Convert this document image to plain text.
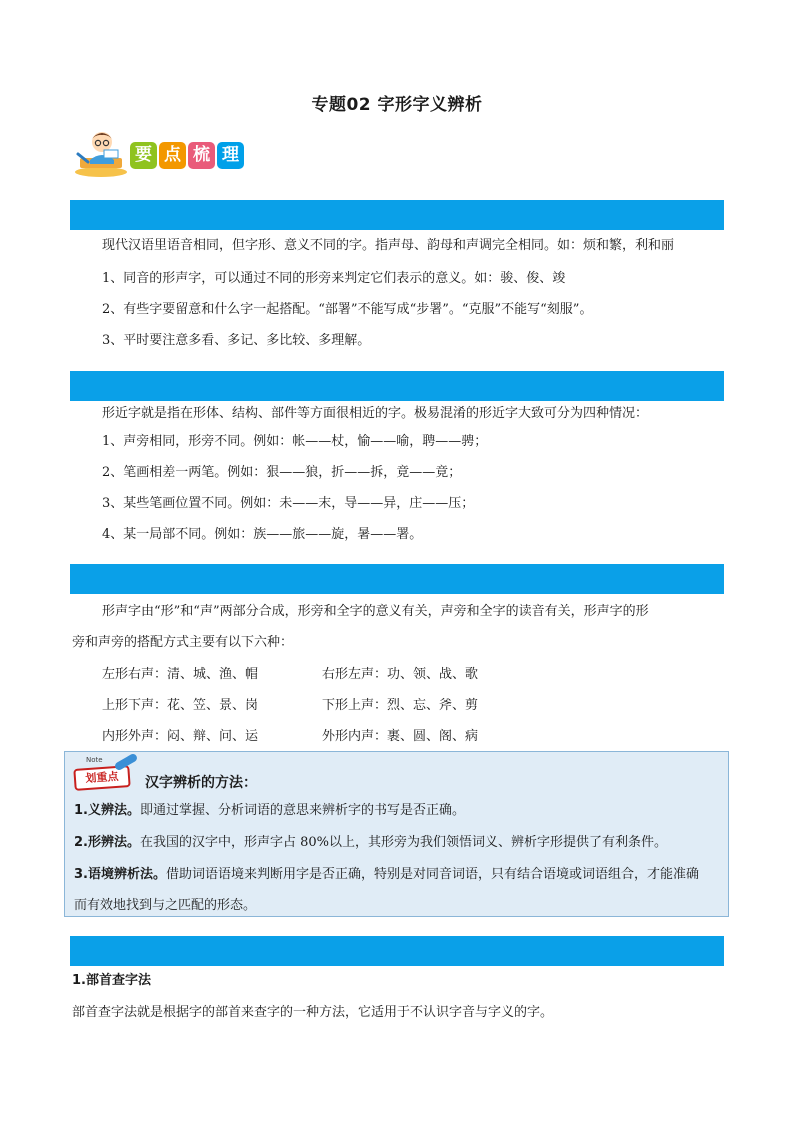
专题02 字形字义辨析
要 点 梳 理
现代汉语里语音相同，但字形、意义不同的字。指声母、韵母和声调完全相同。如：烦和繁，利和丽
1、同音的形声字，可以通过不同的形旁来判定它们表示的意义。如：骏、俊、竣
2、有些字要留意和什么字一起搭配。“部署”不能写成“步署”。“克服”不能写“刻服”。
3、平时要注意多看、多记、多比较、多理解。
形近字就是指在形体、结构、部件等方面很相近的字。极易混淆的形近字大致可分为四种情况：
1、声旁相同，形旁不同。例如：帐——杖，愉——喻，聘——骋；
2、笔画相差一两笔。例如：狠——狼，折——拆，竟——竟；
3、某些笔画位置不同。例如：未——末，导——异，庄——压；
4、某一局部不同。例如：族——旅——旋，暑——署。
形声字由“形”和“声”两部分合成，形旁和全字的意义有关，声旁和全字的读音有关，形声字的形
旁和声旁的搭配方式主要有以下六种：
左形右声：清、城、渔、帽	右形左声：功、领、战、歌
上形下声：花、笠、景、岗	下形上声：烈、忘、斧、剪
内形外声：闷、辩、问、运	外形内声：裹、圆、阁、病
Note
划重点	汉字辨析的方法：
1.义辨法。即通过掌握、分析词语的意思来辨析字的书写是否正确。
2.形辨法。在我国的汉字中，形声字占 80%以上，其形旁为我们领悟词义、辨析字形提供了有利条件。
3.语境辨析法。借助词语语境来判断用字是否正确，特别是对同音词语，只有结合语境或词语组合，才能准确
而有效地找到与之匹配的形态。
1.部首查字法
部首查字法就是根据字的部首来查字的一种方法，它适用于不认识字音与字义的字。
